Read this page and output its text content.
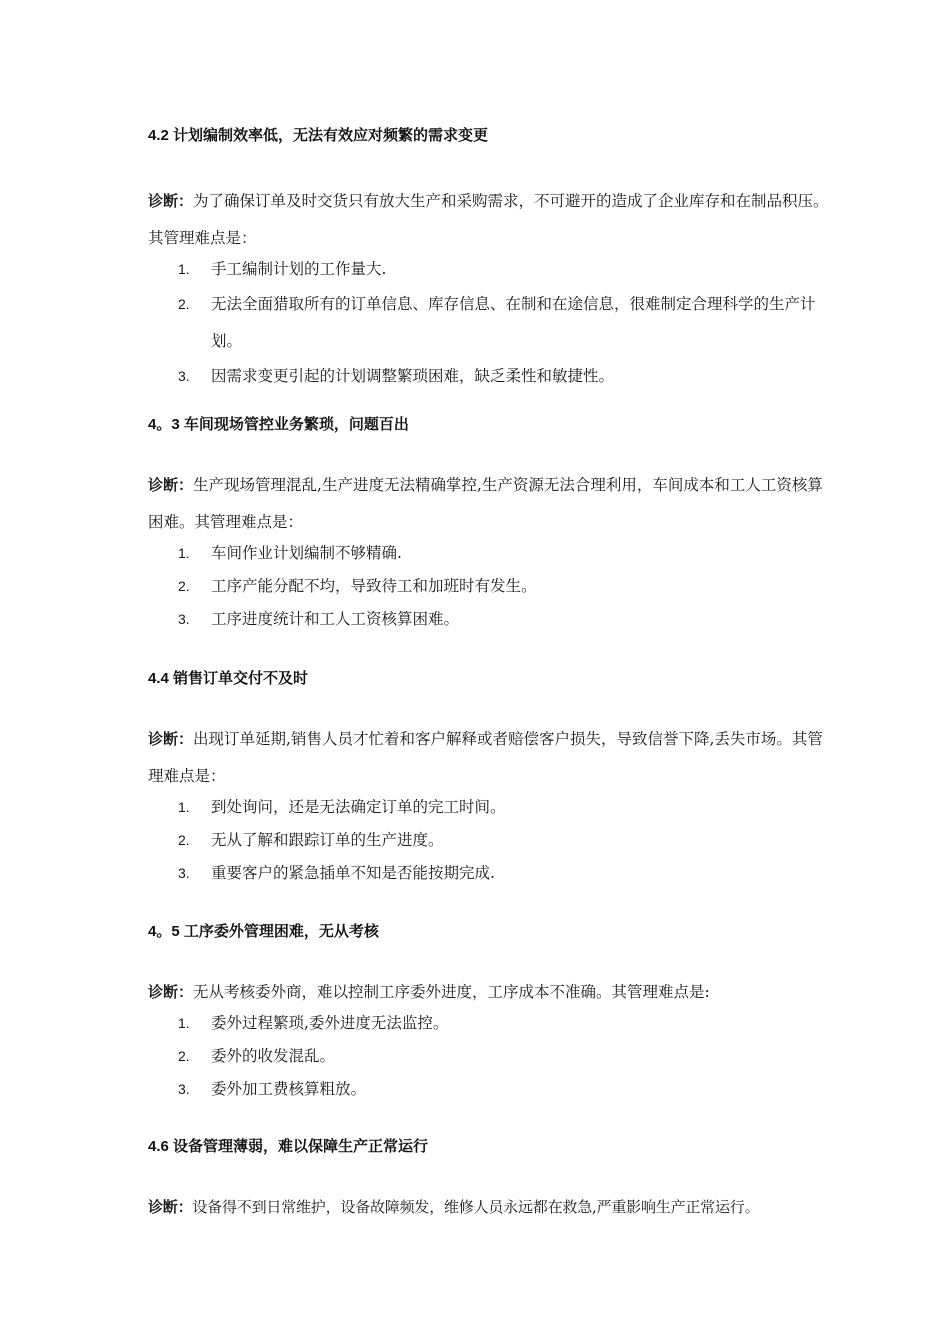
4.2 计划编制效率低，无法有效应对频繁的需求变更

诊断：为了确保订单及时交货只有放大生产和采购需求，不可避开的造成了企业库存和在制品积压。其管理难点是：

1. 手工编制计划的工作量大.
2. 无法全面猎取所有的订单信息、库存信息、在制和在途信息，很难制定合理科学的生产计划。
3. 因需求变更引起的计划调整繁琐困难，缺乏柔性和敏捷性。

4。3 车间现场管控业务繁琐，问题百出

诊断：生产现场管理混乱,生产进度无法精确掌控,生产资源无法合理利用，车间成本和工人工资核算困难。其管理难点是：

1. 车间作业计划编制不够精确.
2. 工序产能分配不均，导致待工和加班时有发生。
3. 工序进度统计和工人工资核算困难。

4.4 销售订单交付不及时

诊断：出现订单延期,销售人员才忙着和客户解释或者赔偿客户损失，导致信誉下降,丢失市场。其管理难点是：

1. 到处询问，还是无法确定订单的完工时间。
2. 无从了解和跟踪订单的生产进度。
3. 重要客户的紧急插单不知是否能按期完成.

4。5 工序委外管理困难，无从考核

诊断：无从考核委外商，难以控制工序委外进度，工序成本不准确。其管理难点是:

1. 委外过程繁琐,委外进度无法监控。
2. 委外的收发混乱。
3. 委外加工费核算粗放。

4.6 设备管理薄弱，难以保障生产正常运行

诊断：设备得不到日常维护，设备故障频发，维修人员永远都在救急,严重影响生产正常运行。
